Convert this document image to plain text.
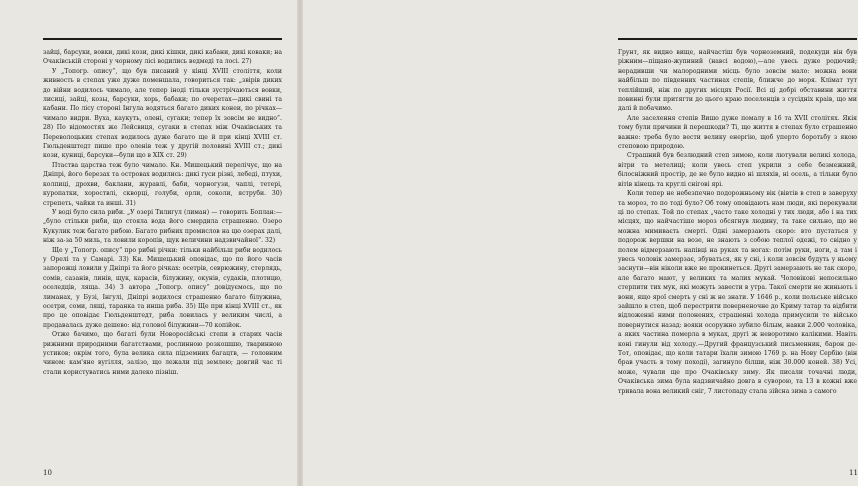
зайці, барсуки, вовки, дикі кози, дикі кішки, дикі кабани, дикі коваки; на Очаківській стороні у чорному лісі водились ведмеді та лосі. 27)

У „Топогр. опису“, що був писаний у кінці XVIII століття, коли живность в степах уже дуже поменшала, говориться так: „звірів диких до війни водилось чимало, але тепер іноді тільки зустрічаються вовки, лисиці, зайці, козы, барсуки, хорь, бабаки; по очеретах—дикі свині та кабани. По лісу стороні Інгула водяться багато диких конеи, по річках—чимало видри. Вуха, каукуть, олені, сугаки; тепер їх зовсім не видно“. 28) По відомостях же Лейсвиця, сугаки в степах між Очаківських та Переволоцьких степах водилось дуже багато ще й при кінці XVIII ст. Гюльденштедт пише про оленів теж у другій половині XVIII ст.; дикі кози, куниці, барсуки—були що в XIX ст. 29)

Птаства царства теж було чимало. Кн. Мишецький перелічує, що на Дніпрі, його березах та островах водились: дикі гуси різні, лебеді, птухи, колпиці, дрохви, баклани, журавлі, баби, чорногузи, чаплі, тетері, куропатки, хороствлі, скворці, голуби, орли, соколи, яструби. 30) стрепеть, чайки та инші. 31)

У воді було сила риби. „У озері Тилигул (лиман) — говорить Боплан:—„було стільки риби, що стояла вода його смердила страшенно. Озеро Кукулик теж багато рибою. Багато рибних промислов на цю озерах далі, ніж за-за 50 миль, та ловили коропів, щук величини надзвичайної“. 32)

Ще у „Топогр. опису“ про рибні річки: тільки найбільш риби водилось у Орелі та у Самарі. 33) Кн. Мишецький оповідає, що по його часів запорожці ловили у Дніпрі та його річках: осетрів, севрюжину, стерлядь, сомів, сазанів, линів, щук, карасів, білужину, окунів, судаків, плотицю, оселедців, ляща. 34) З автора „Топогр. опису“ довідуємось, що по лиманах, у Бузі, Інгулі, Дніпрі водилося страшенно багато білужина, осетри, соми, лящі, таранка та инша риба. 35) Ще при кінці XVIII ст., як про це оповідає Гюльденштедт, риба ловилась у великим числі, а продавалась дуже дешево: від голової білужини—70 копійок.

Отже бачимо, що багаті були Новоросійські степи в старих часів рижними природними багатствами, рослинною розкошшю, тваринною устиков; окрім того, була велика сила підземних багацтв, — головним чином: кам'яне вугілля, залізо, що лежали під землею; довгий час ті стали користуватись ними далеко пізніш.

10

Грунт, як видно вище, найчастіш був чорноземний, подекуди він був ріжним—піщано-жупиний (навсі водою),—але увесь дуже родючий; нерадивши чи малородними місць було зовсім мало: можна вони найбільш по південних частинах степів, ближче до моря. Клімат тут теплійший, ніж по других місцях Росії. Всі ці добрі обставини життя повинні були притягти до цього краю поселенців з сусідніх краів, що ми далі й побачимо.

Але заселення степів Вишо дуже помалу в 16 та XVII столітях. Якія тому були причини й перешкоди? Ті, що життя в степах було страшенно важне: треба було вести велику енергію, щоб уперто боротьбу з якою степовою природою.

Страшний був безлюдний степ зимою, коли лютували великі холода, вітри та метелиці; коли увесь степ укрили з себе безмежний, білосніжний простір, де не було видно ні шляхів, ні осель, а тільки було вітів кінець та круглі снігові ярі.

Коли тепер не небезпечно подорожньому вік (вівтів в степ в заверуху та мороз, то по тоді було? Об тому оповідають нам люди, які перекували ці по степах. Той по степах „часто таке холодні у тих люди, або і на тих місцях, що найчастіше мороз обсягнув людину, та таке сильно, що не можна мимиваєть смерті. Одні замерзають скоро: вто пустаться у подорож вершки на возе, не знають з собою теплої одежі, то свідно у полем відмерзають напівці на руках та ногах: потім руки, ноги, а там і увесь чоловік замерзає, збуваться, як у сні, і коли зовсім будуть у ньому заснути—він ніколи вже не прокинеться. Другі замерзають не так скоро, але багато мают, у великих та малих мукай. Чоловікові непосильно стерпити тих мук, які можуть завести в утра. Такої смерти не жиньють і вони, ящо ярої смерть у сні ж не знати. У 1646 р., коли польське військо зайшло в степ, щоб перестрити поверненочне до Криму татар та відбити відложенні ними полонених, страшенні холода примусили те військо повернутися назад: вояки осоружно зубило білым, навки 2.000 чоловіка, а яких частина померла в муках, другі ж неворотимо калікими. Навіть коні гинули від холоду.—Другий французський письменник, барон де-Тот, оповідає, що коли татари їхали зимою 1769 р. на Нову Сербію (він брав участь в тому поході), загинуло білши, ніж 30.000 коней. 38) Усі, може, чували ще про Очаківську зиму. Як писали точачні люди, Очаківська зима була надзвичайно довга в суворою, та 13 в кожні вже тривала вона великий сніг, 7 листопаду стала зійсна зима з самого

11
